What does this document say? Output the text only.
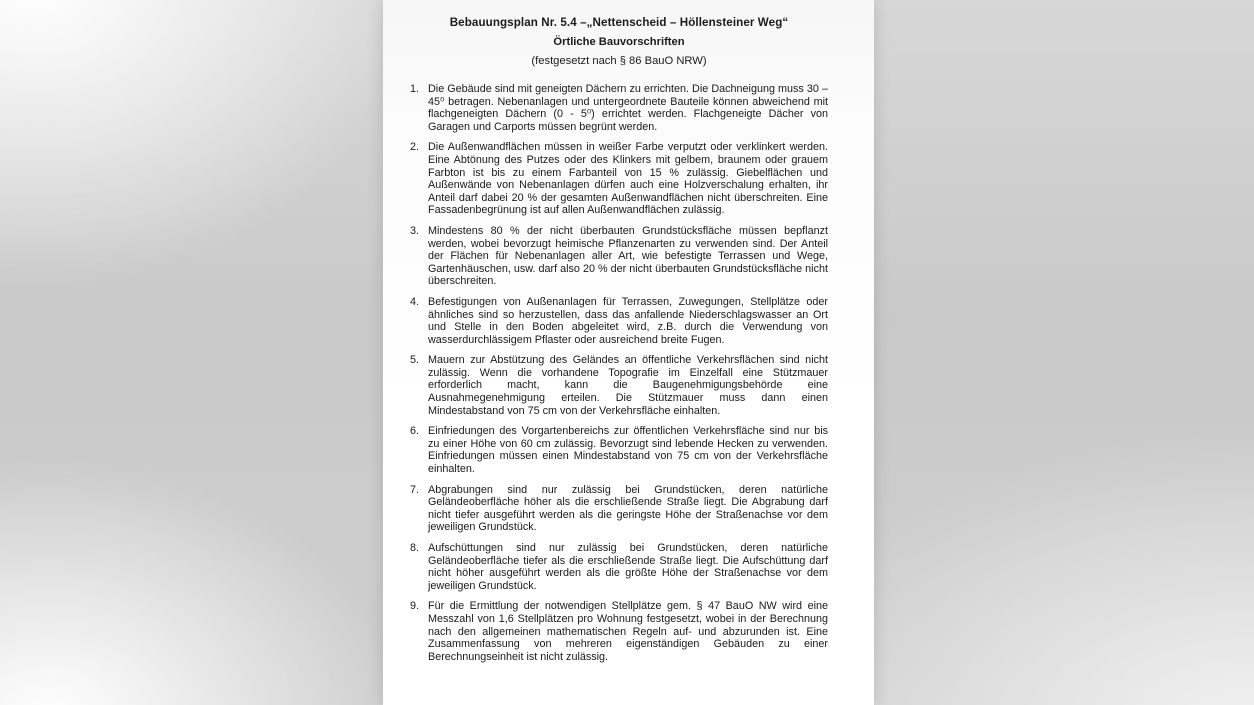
Bebauungsplan Nr. 5.4 –„Nettenscheid – Höllensteiner Weg“
Örtliche Bauvorschriften
(festgesetzt nach § 86 BauO NRW)
1. Die Gebäude sind mit geneigten Dächern zu errichten. Die Dachneigung muss 30 – 45⁰ betragen. Nebenanlagen und untergeordnete Bauteile können abweichend mit flachgeneigten Dächern (0 - 5⁰) errichtet werden. Flachgeneigte Dächer von Garagen und Carports müssen begrünt werden.
2. Die Außenwandflächen müssen in weißer Farbe verputzt oder verklinkert werden. Eine Abtönung des Putzes oder des Klinkers mit gelbem, braunem oder grauem Farbton ist bis zu einem Farbanteil von 15 % zulässig. Giebelflächen und Außenwände von Nebenanlagen dürfen auch eine Holzverschalung erhalten, ihr Anteil darf dabei 20 % der gesamten Außenwandflächen nicht überschreiten. Eine Fassadenbegrünung ist auf allen Außenwandflächen zulässig.
3. Mindestens 80 % der nicht überbauten Grundstücksfläche müssen bepflanzt werden, wobei bevorzugt heimische Pflanzenarten zu verwenden sind. Der Anteil der Flächen für Nebenanlagen aller Art, wie befestigte Terrassen und Wege, Gartenhäuschen, usw. darf also 20 % der nicht überbauten Grundstücksfläche nicht überschreiten.
4. Befestigungen von Außenanlagen für Terrassen, Zuwegungen, Stellplätze oder ähnliches sind so herzustellen, dass das anfallende Niederschlagswasser an Ort und Stelle in den Boden abgeleitet wird, z.B. durch die Verwendung von wasserdurchlässigem Pflaster oder ausreichend breite Fugen.
5. Mauern zur Abstützung des Geländes an öffentliche Verkehrsflächen sind nicht zulässig. Wenn die vorhandene Topografie im Einzelfall eine Stützmauer erforderlich macht, kann die Baugenehmigungsbehörde eine Ausnahmegenehmigung erteilen. Die Stützmauer muss dann einen Mindestabstand von 75 cm von der Verkehrsfläche einhalten.
6. Einfriedungen des Vorgartenbereichs zur öffentlichen Verkehrsfläche sind nur bis zu einer Höhe von 60 cm zulässig. Bevorzugt sind lebende Hecken zu verwenden. Einfriedungen müssen einen Mindestabstand von 75 cm von der Verkehrsfläche einhalten.
7. Abgrabungen sind nur zulässig bei Grundstücken, deren natürliche Geländeoberfläche höher als die erschließende Straße liegt. Die Abgrabung darf nicht tiefer ausgeführt werden als die geringste Höhe der Straßenachse vor dem jeweiligen Grundstück.
8. Aufschüttungen sind nur zulässig bei Grundstücken, deren natürliche Geländeoberfläche tiefer als die erschließende Straße liegt. Die Aufschüttung darf nicht höher ausgeführt werden als die größte Höhe der Straßenachse vor dem jeweiligen Grundstück.
9. Für die Ermittlung der notwendigen Stellplätze gem. § 47 BauO NW wird eine Messzahl von 1,6 Stellplätzen pro Wohnung festgesetzt, wobei in der Berechnung nach den allgemeinen mathematischen Regeln auf- und abzurunden ist. Eine Zusammenfassung von mehreren eigenständigen Gebäuden zu einer Berechnungseinheit ist nicht zulässig.
